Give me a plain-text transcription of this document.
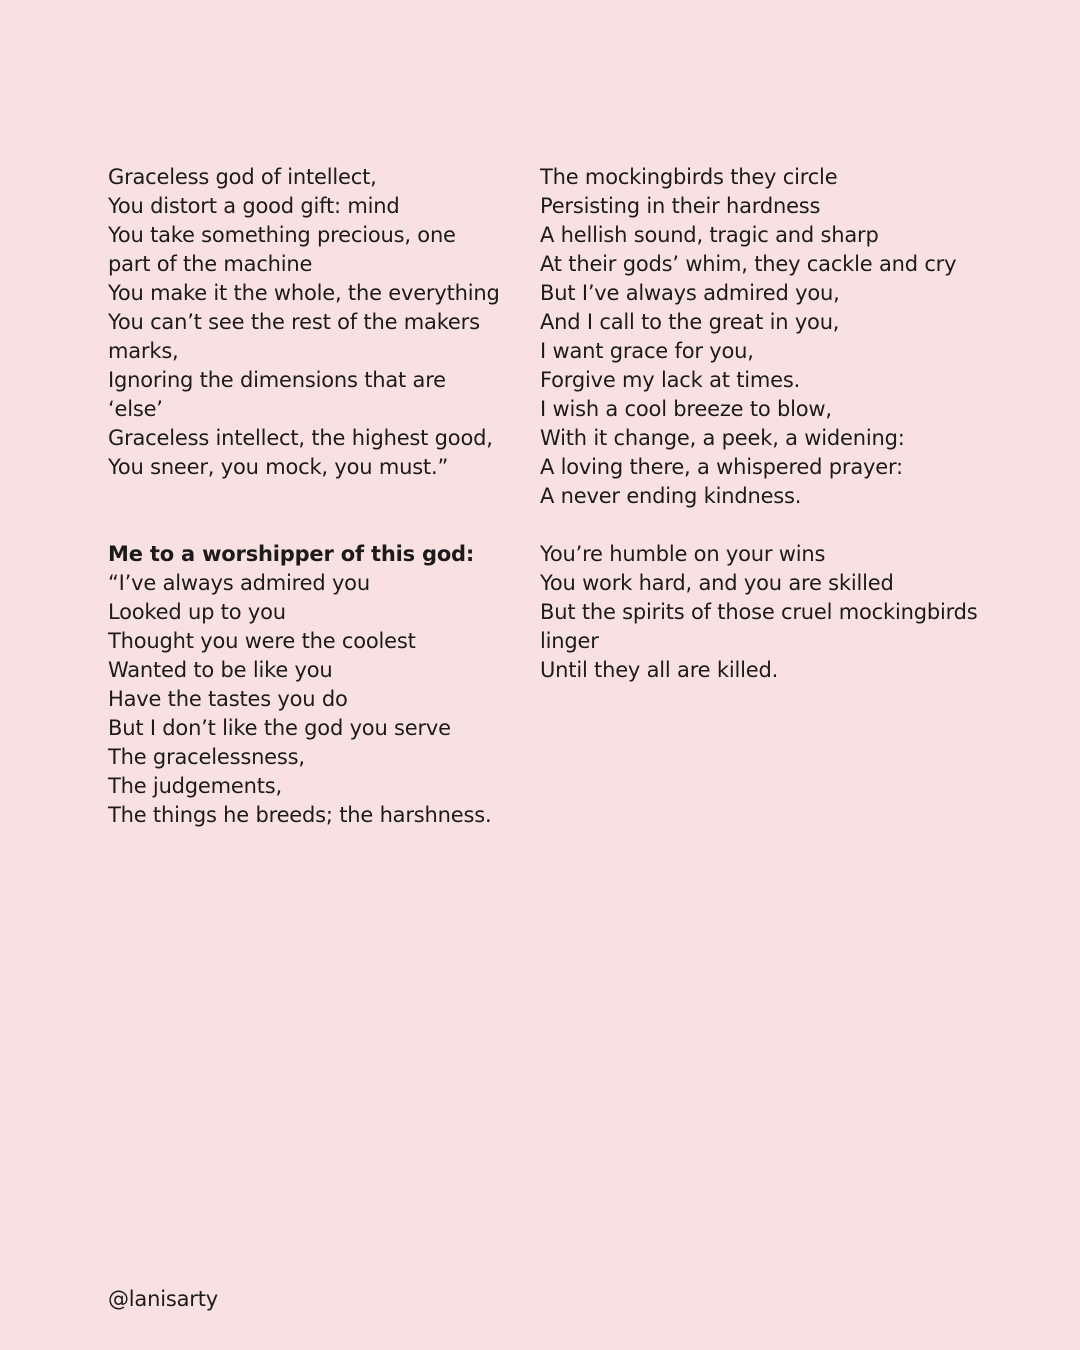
Graceless god of intellect,
You distort a good gift: mind
You take something precious, one
part of the machine
You make it the whole, the everything
You can’t see the rest of the makers
marks,
Ignoring the dimensions that are
‘else’
Graceless intellect, the highest good,
You sneer, you mock, you must.”
Me to a worshipper of this god:
“I’ve always admired you
Looked up to you
Thought you were the coolest
Wanted to be like you
Have the tastes you do
But I don’t like the god you serve
The gracelessness,
The judgements,
The things he breeds; the harshness.
The mockingbirds they circle
Persisting in their hardness
A hellish sound, tragic and sharp
At their gods’ whim, they cackle and cry
But I’ve always admired you,
And I call to the great in you,
I want grace for you,
Forgive my lack at times.
I wish a cool breeze to blow,
With it change, a peek, a widening:
A loving there, a whispered prayer:
A never ending kindness.
You’re humble on your wins
You work hard, and you are skilled
But the spirits of those cruel mockingbirds
linger
Until they all are killed.
@lanisarty
